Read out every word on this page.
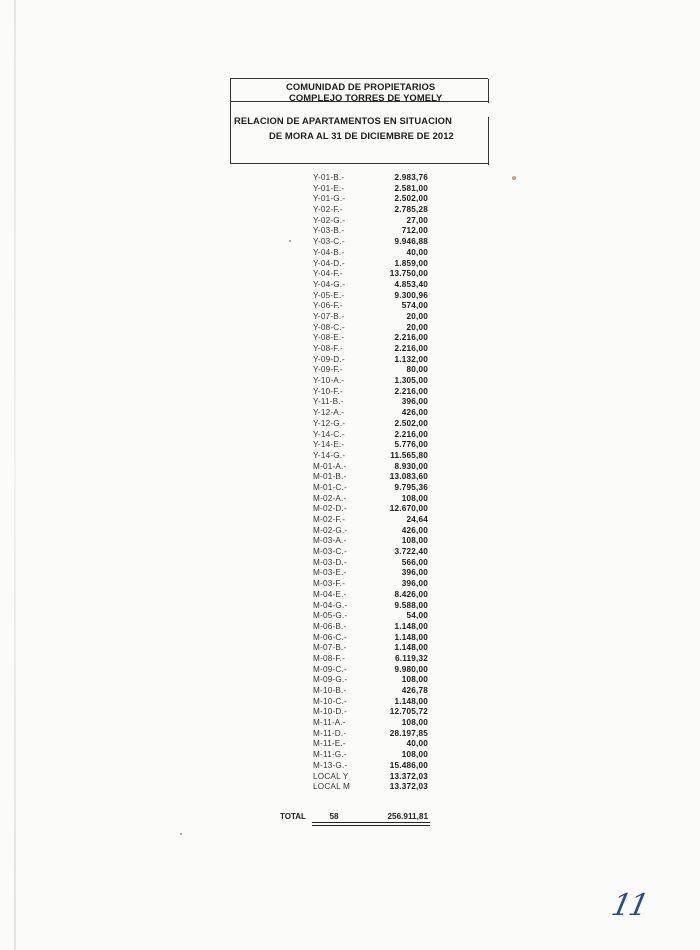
COMUNIDAD DE PROPIETARIOS
COMPLEJO TORRES DE YOMELY
RELACION DE APARTAMENTOS EN SITUACION
DE MORA AL 31 DE DICIEMBRE DE 2012
Y-01-B.-	2.983,76
Y-01-E.-	2.581,00
Y-01-G.-	2.502,00
Y-02-F.-	2.785,28
Y-02-G.-	27,00
Y-03-B.-	712,00
Y-03-C.-	9.946,88
Y-04-B.-	40,00
Y-04-D.-	1.859,00
Y-04-F.-	13.750,00
Y-04-G.-	4.853,40
Y-05-E.-	9.300,96
Y-06-F.-	574,00
Y-07-B.-	20,00
Y-08-C.-	20,00
Y-08-E.-	2.216,00
Y-08-F.-	2.216,00
Y-09-D.-	1.132,00
Y-09-F.-	80,00
Y-10-A.-	1.305,00
Y-10-F.-	2.216,00
Y-11-B.-	396,00
Y-12-A.-	426,00
Y-12-G.-	2.502,00
Y-14-C.-	2.216,00
Y-14-E.-	5.776,00
Y-14-G.-	11.565,80
M-01-A.-	8.930,00
M-01-B.-	13.083,60
M-01-C.-	9.795,36
M-02-A.-	108,00
M-02-D.-	12.670,00
M-02-F.-	24,64
M-02-G.-	426,00
M-03-A.-	108,00
M-03-C.-	3.722,40
M-03-D.-	566,00
M-03-E.-	396,00
M-03-F.-	396,00
M-04-E.-	8.426,00
M-04-G.-	9.588,00
M-05-G.-	54,00
M-06-B.-	1.148,00
M-06-C.-	1.148,00
M-07-B.-	1.148,00
M-08-F.-	6.119,32
M-09-C.-	9.980,00
M-09-G.-	108,00
M-10-B.-	426,78
M-10-C.-	1.148,00
M-10-D.-	12.705,72
M-11-A.-	108,00
M-11-D.-	28.197,85
M-11-E.-	40,00
M-11-G.-	108,00
M-13-G.-	15.486,00
LOCAL Y	13.372,03
LOCAL M	13.372,03
TOTAL	58	256.911,81
11
